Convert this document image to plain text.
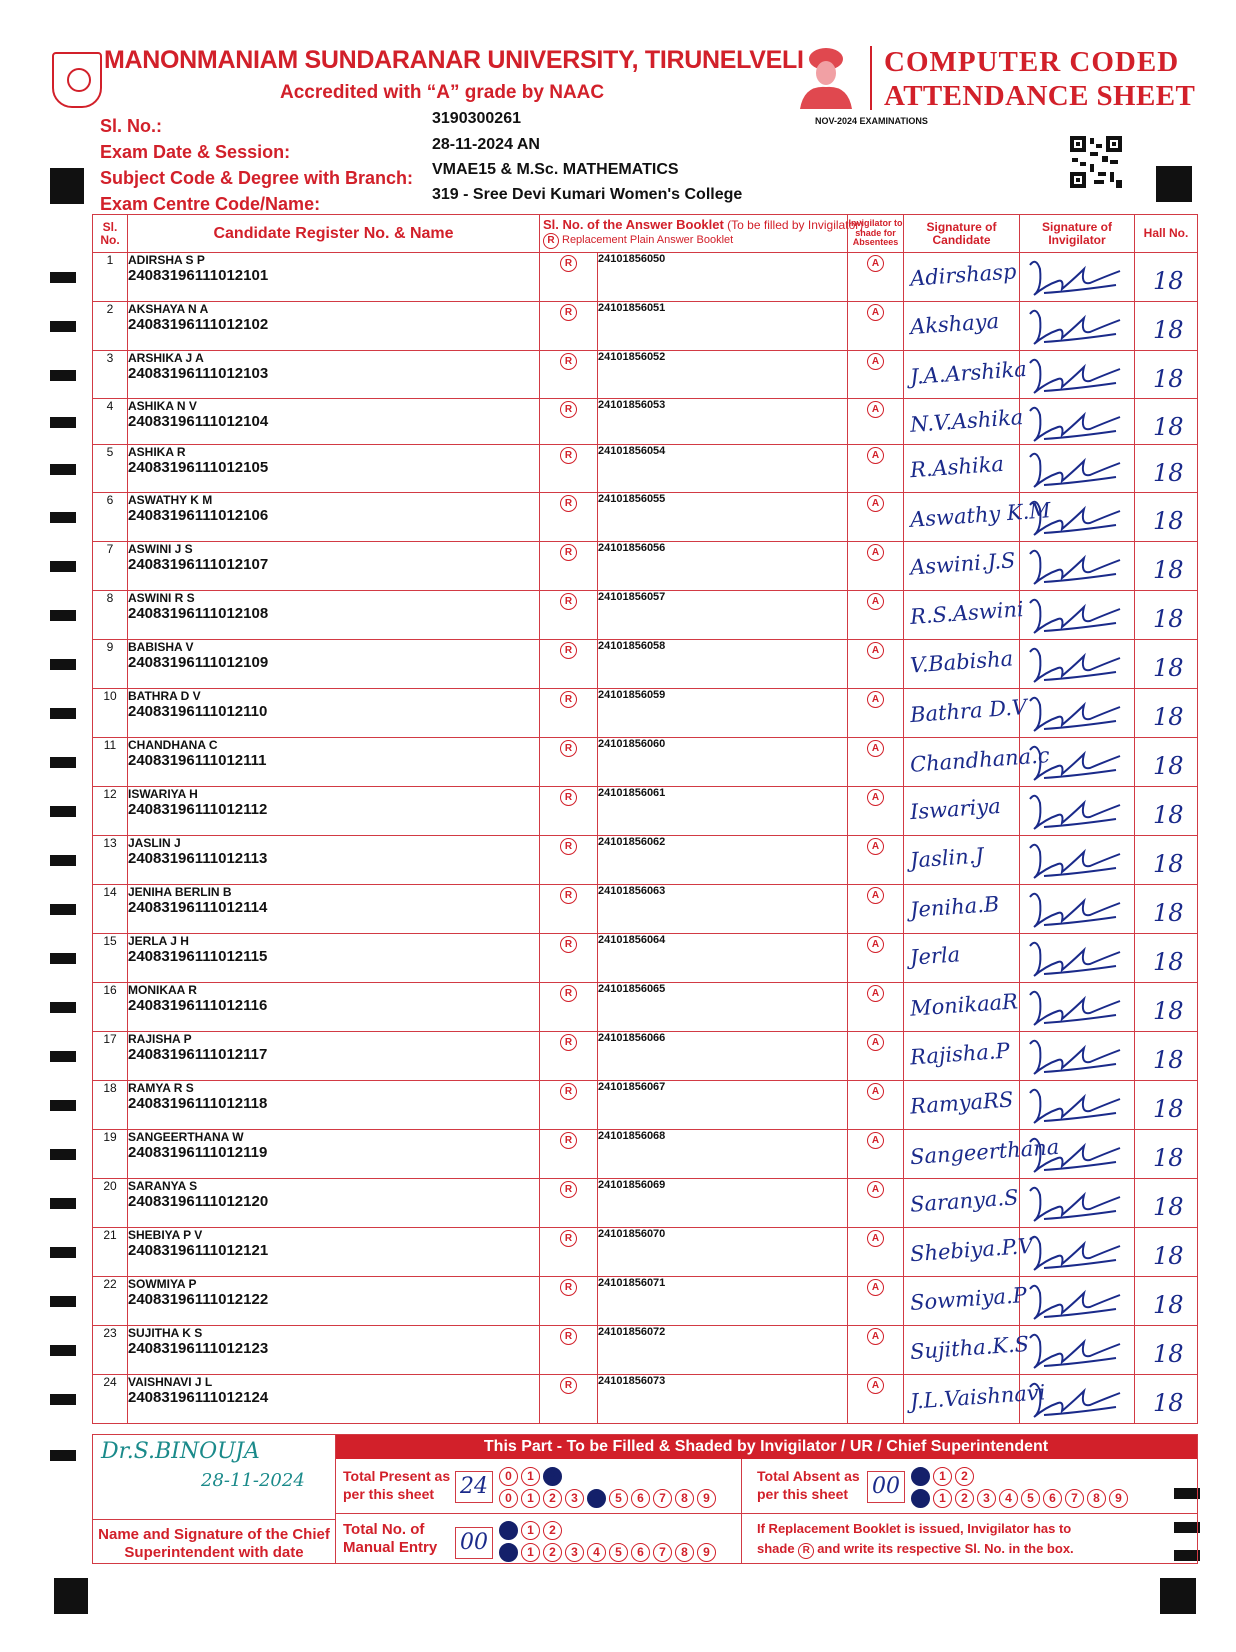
MANONMANIAM SUNDARANAR UNIVERSITY, TIRUNELVELI
Accredited with “A” grade by NAAC
COMPUTER CODED
ATTENDANCE SHEET
NOV-2024 EXAMINATIONS
Sl. No.:	3190300261
Exam Date & Session:	28-11-2024 AN
Subject Code & Degree with Branch: VMAE15 & M.Sc. MATHEMATICS
Exam Centre Code/Name:	319 - Sree Devi Kumari Women's College
Sl. No.	Candidate Register No. & Name	Sl. No. of the Answer Booklet (To be filled by Invigilator)
R Replacement Plain Answer Booklet		Invigilator to shade for Absentees	Signature of Candidate	Signature of Invigilator	Hall No.
1	ADIRSHA S P
24083196111012101	R	24101856050	A	Adirshasp		18

2	AKSHAYA N A
24083196111012102	R	24101856051	A	Akshaya		18

3	ARSHIKA J A
24083196111012103	R	24101856052	A	J.A.Arshika		18

4	ASHIKA N V
24083196111012104	R	24101856053	A	N.V.Ashika		18

5	ASHIKA R
24083196111012105	R	24101856054	A	R.Ashika		18

6	ASWATHY K M
24083196111012106	R	24101856055	A	Aswathy K.M		18

7	ASWINI J S
24083196111012107	R	24101856056	A	Aswini.J.S		18

8	ASWINI R S
24083196111012108	R	24101856057	A	R.S.Aswini		18

9	BABISHA V
24083196111012109	R	24101856058	A	V.Babisha		18

10	BATHRA D V
24083196111012110	R	24101856059	A	Bathra D.V		18

11	CHANDHANA C
24083196111012111	R	24101856060	A	Chandhana.c		18

12	ISWARIYA H
24083196111012112	R	24101856061	A	Iswariya		18

13	JASLIN J
24083196111012113	R	24101856062	A	Jaslin.J		18

14	JENIHA BERLIN B
24083196111012114	R	24101856063	A	Jeniha.B		18

15	JERLA J H
24083196111012115	R	24101856064	A	Jerla		18

16	MONIKAA R
24083196111012116	R	24101856065	A	MonikaaR		18

17	RAJISHA P
24083196111012117	R	24101856066	A	Rajisha.P		18

18	RAMYA R S
24083196111012118	R	24101856067	A	RamyaRS		18

19	SANGEERTHANA W
24083196111012119	R	24101856068	A	Sangeerthana		18

20	SARANYA S
24083196111012120	R	24101856069	A	Saranya.S		18

21	SHEBIYA P V
24083196111012121	R	24101856070	A	Shebiya.P.V		18

22	SOWMIYA P
24083196111012122	R	24101856071	A	Sowmiya.P		18

23	SUJITHA K S
24083196111012123	R	24101856072	A	Sujitha.K.S		18

24	VAISHNAVI J L
24083196111012124	R	24101856073	A	J.L.Vaishnavi		18
This Part - To be Filled & Shaded by Invigilator / UR / Chief Superintendent
Dr.S.BINOUJA
28-11-2024
Name and Signature of the Chief Superintendent with date
Total Present as per this sheet	24	0 1 2
0 1 2 3 4 5 6 7 8 9
Total Absent as per this sheet	00	0 1 2
0 1 2 3 4 5 6 7 8 9
Total No. of Manual Entry	00	0 1 2
0 1 2 3 4 5 6 7 8 9
If Replacement Booklet is issued, Invigilator has to
shade R and write its respective Sl. No. in the box.
